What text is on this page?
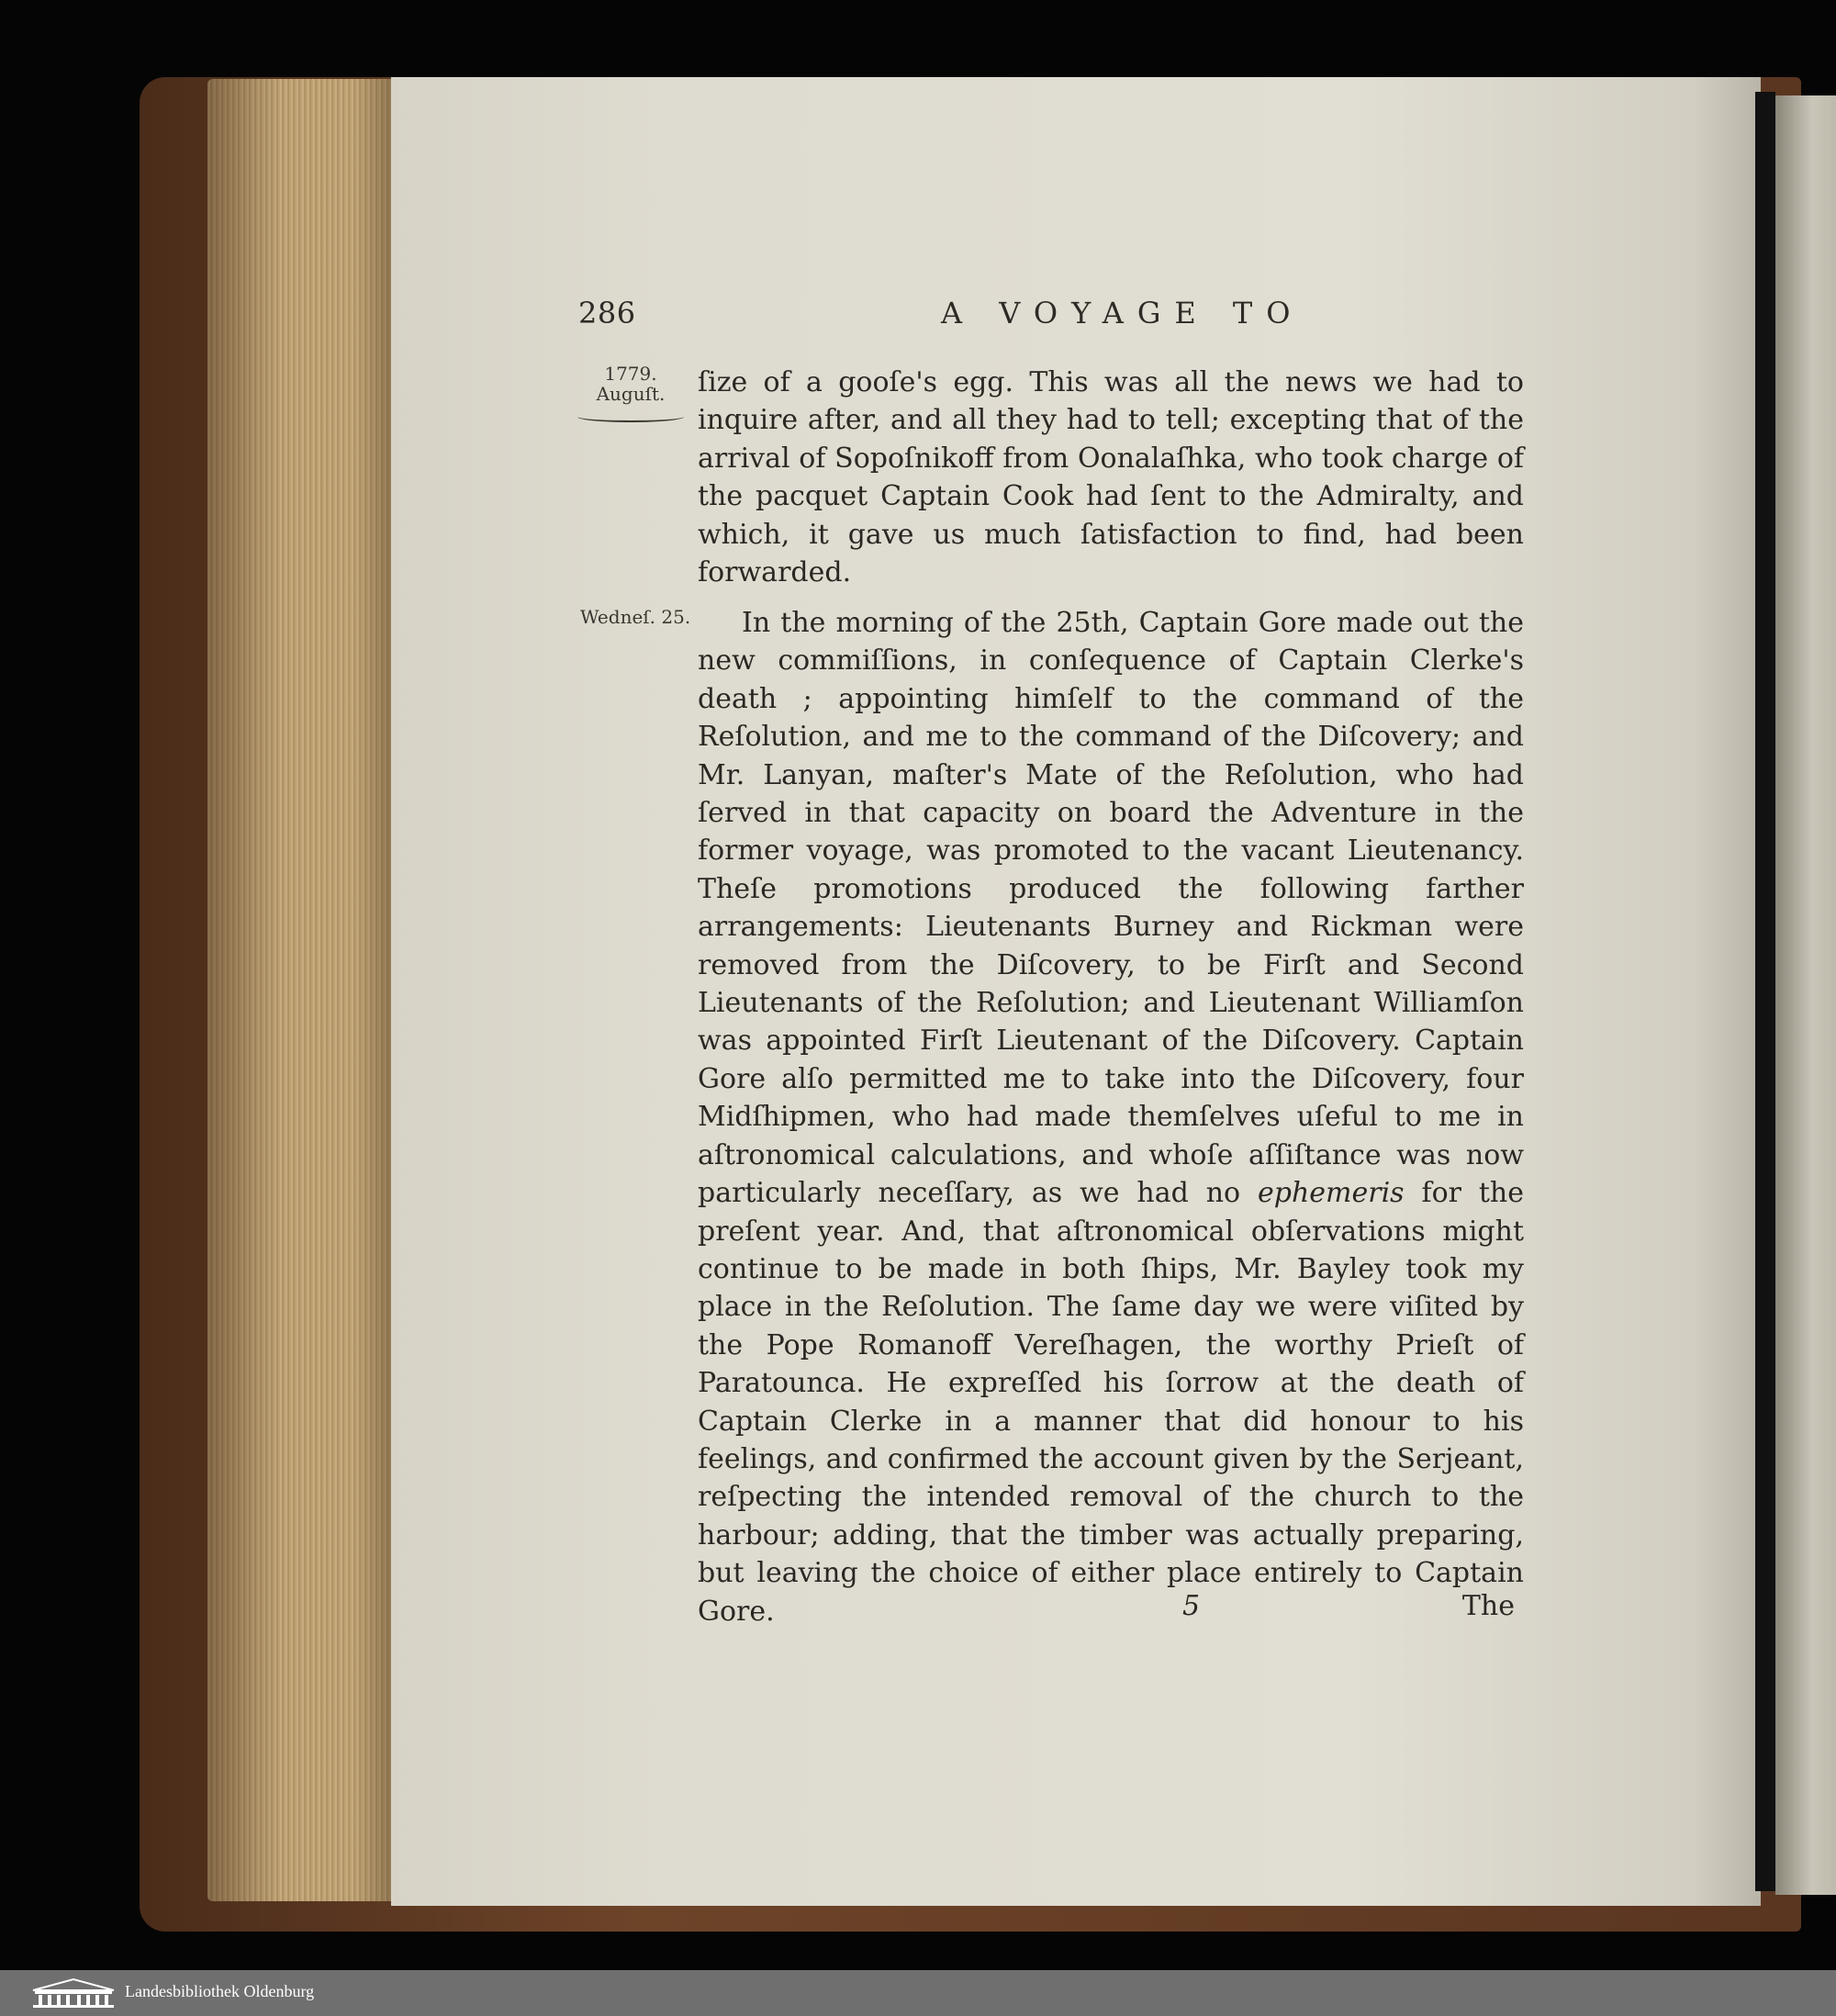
286	A VOYAGE TO
1779.
Auguſt.
Wedneſ. 25.

ſize of a gooſe's egg. This was all the news we had to inquire after, and all they had to tell; excepting that of the arrival of Sopoſnikoff from Oonalaſhka, who took charge of the pacquet Captain Cook had ſent to the Admiralty, and which, it gave us much ſatisfaction to find, had been forwarded.

In the morning of the 25th, Captain Gore made out the new commiſſions, in conſequence of Captain Clerke's death ; appointing himſelf to the command of the Reſolution, and me to the command of the Diſcovery; and Mr. Lanyan, maſter's Mate of the Reſolution, who had ſerved in that capacity on board the Adventure in the former voyage, was promoted to the vacant Lieutenancy. Theſe promotions produced the following farther arrangements: Lieutenants Burney and Rickman were removed from the Diſcovery, to be Firſt and Second Lieutenants of the Reſolution; and Lieutenant Williamſon was appointed Firſt Lieutenant of the Diſcovery. Captain Gore alſo permitted me to take into the Diſcovery, four Midſhipmen, who had made themſelves uſeful to me in aſtronomical calculations, and whoſe aſſiſtance was now particularly neceſſary, as we had no ephemeris for the preſent year. And, that aſtronomical obſervations might continue to be made in both ſhips, Mr. Bayley took my place in the Reſolution. The ſame day we were viſited by the Pope Romanoff Vereſhagen, the worthy Prieſt of Paratounca. He expreſſed his ſorrow at the death of Captain Clerke in a manner that did honour to his feelings, and confirmed the account given by the Serjeant, reſpecting the intended removal of the church to the harbour; adding, that the timber was actually preparing, but leaving the choice of either place entirely to Captain Gore.	5	The
Landesbibliothek Oldenburg
